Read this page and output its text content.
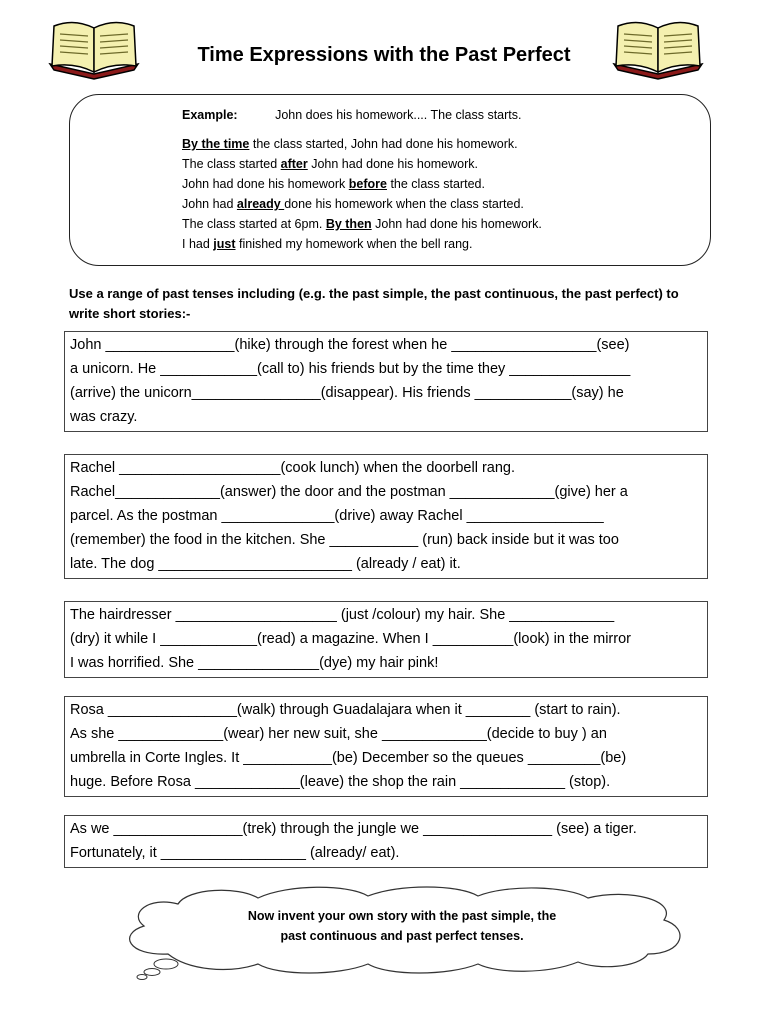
Time Expressions with the Past Perfect
Example:	John does his homework.... The class starts.
By the time the class started, John had done his homework.
The class started after John had done his homework.
John had done his homework before the class started.
John had already done his homework when the class started.
The class started at 6pm. By then John had done his homework.
I had just finished my homework when the bell rang.
Use a range of past tenses including (e.g. the past simple, the past continuous, the past perfect) to write short stories:-
John ________________(hike) through the forest when he __________________(see)
a unicorn. He ____________(call to) his friends but by the time they _______________
(arrive) the unicorn________________(disappear). His friends ____________(say) he
was crazy.
Rachel ____________________(cook lunch) when the doorbell rang.
Rachel_____________(answer) the door and the postman _____________(give) her a
parcel. As the postman ______________(drive) away Rachel _________________
(remember) the food in the kitchen. She ___________ (run) back inside but it was too
late. The dog ________________________ (already / eat) it.
The hairdresser ____________________ (just /colour) my hair. She _____________
(dry) it while I ____________(read) a magazine. When I __________(look) in the mirror
I was horrified. She _______________(dye) my hair pink!
Rosa ________________(walk) through Guadalajara when it ________ (start to rain).
As she _____________(wear) her new suit, she _____________(decide to buy ) an
umbrella in Corte Ingles. It ___________(be) December so the queues _________(be)
huge. Before Rosa _____________(leave) the shop the rain _____________ (stop).
As we ________________(trek) through the jungle we ________________ (see) a tiger.
Fortunately, it __________________ (already/ eat).
Now invent your own story with the past simple, the
past continuous and past perfect tenses.
